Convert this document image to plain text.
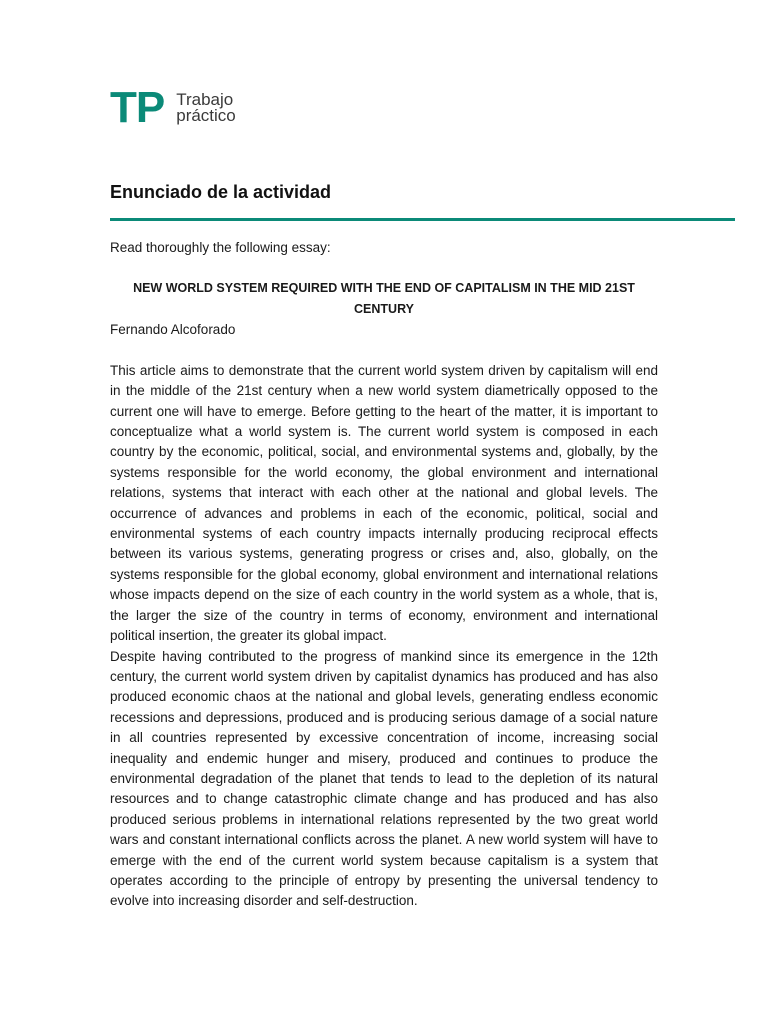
TP Trabajo
práctico
Enunciado de la actividad

Read thoroughly the following essay:

NEW WORLD SYSTEM REQUIRED WITH THE END OF CAPITALISM IN THE MID 21ST CENTURY

Fernando Alcoforado

This article aims to demonstrate that the current world system driven by capitalism will end in the middle of the 21st century when a new world system diametrically opposed to the current one will have to emerge. Before getting to the heart of the matter, it is important to conceptualize what a world system is. The current world system is composed in each country by the economic, political, social, and environmental systems and, globally, by the systems responsible for the world economy, the global environment and international relations, systems that interact with each other at the national and global levels. The occurrence of advances and problems in each of the economic, political, social and environmental systems of each country impacts internally producing reciprocal effects between its various systems, generating progress or crises and, also, globally, on the systems responsible for the global economy, global environment and international relations whose impacts depend on the size of each country in the world system as a whole, that is, the larger the size of the country in terms of economy, environment and international political insertion, the greater its global impact.

Despite having contributed to the progress of mankind since its emergence in the 12th century, the current world system driven by capitalist dynamics has produced and has also produced economic chaos at the national and global levels, generating endless economic recessions and depressions, produced and is producing serious damage of a social nature in all countries represented by excessive concentration of income, increasing social inequality and endemic hunger and misery, produced and continues to produce the environmental degradation of the planet that tends to lead to the depletion of its natural resources and to change catastrophic climate change and has produced and has also produced serious problems in international relations represented by the two great world wars and constant international conflicts across the planet. A new world system will have to emerge with the end of the current world system because capitalism is a system that operates according to the principle of entropy by presenting the universal tendency to evolve into increasing disorder and self-destruction.
